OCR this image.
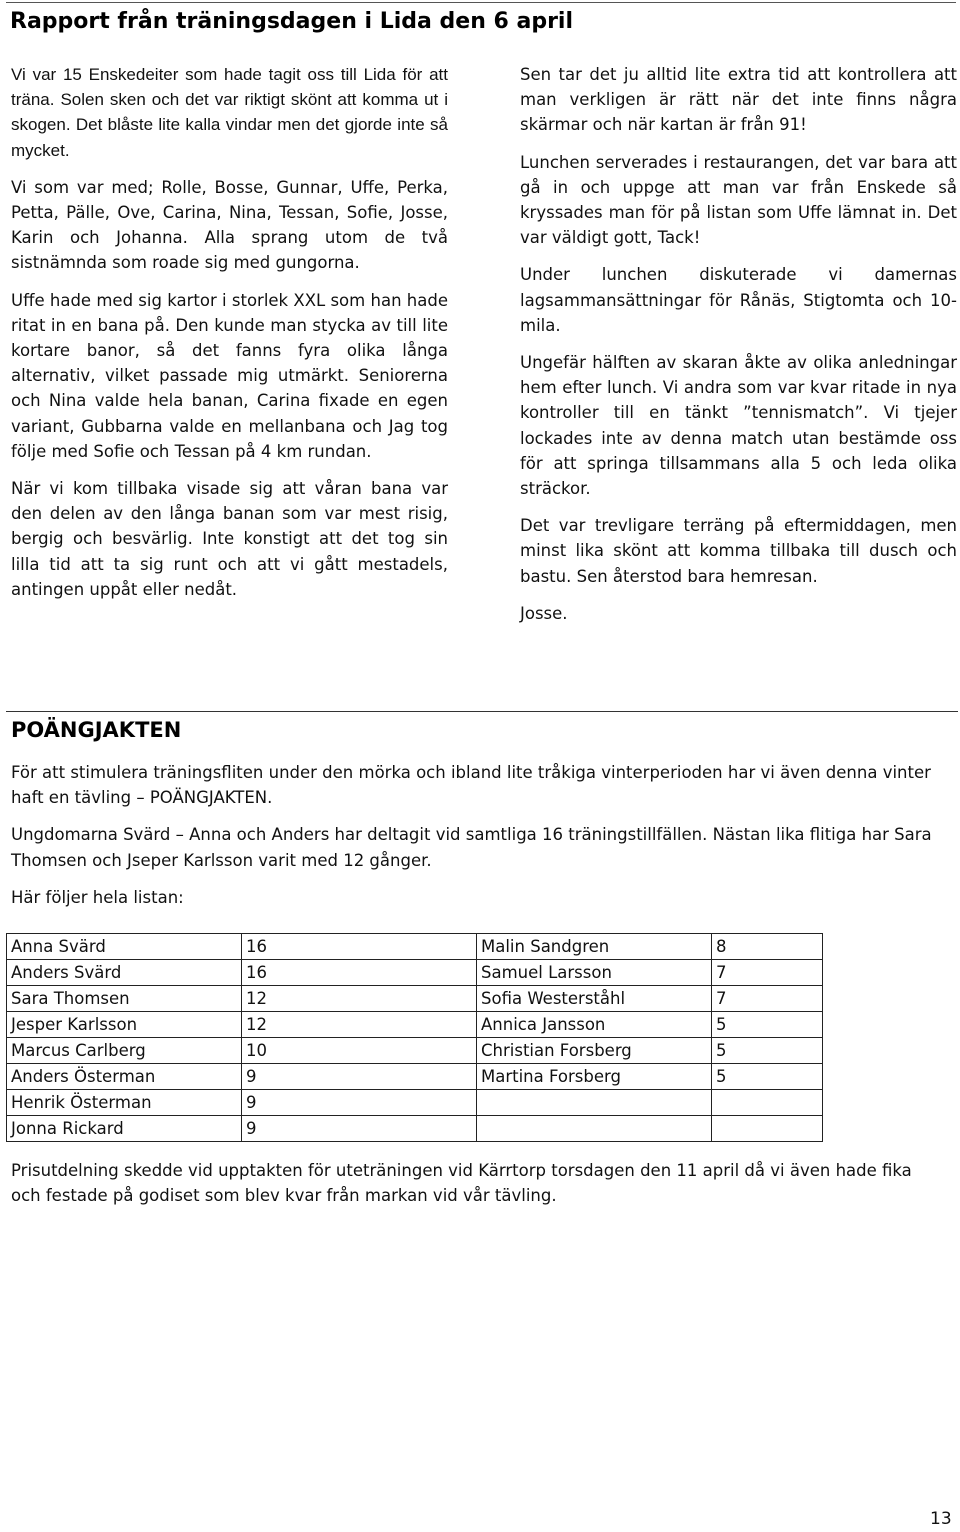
Rapport från träningsdagen i Lida den 6 april

Vi var 15 Enskedeiter som hade tagit oss till Lida för att träna. Solen sken och det var riktigt skönt att komma ut i skogen. Det blåste lite kalla vindar men det gjorde inte så mycket.

Vi som var med; Rolle, Bosse, Gunnar, Uffe, Perka, Petta, Pälle, Ove, Carina, Nina, Tessan, Sofie, Josse, Karin och Johanna. Alla sprang utom de två sistnämnda som roade sig med gungorna.

Uffe hade med sig kartor i storlek XXL som han hade ritat in en bana på. Den kunde man stycka av till lite kortare banor, så det fanns fyra olika långa alternativ, vilket passade mig utmärkt. Seniorerna och Nina valde hela banan, Carina fixade en egen variant, Gubbarna valde en mellanbana och Jag tog följe med Sofie och Tessan på 4 km rundan.

När vi kom tillbaka visade sig att våran bana var den delen av den långa banan som var mest risig, bergig och besvärlig. Inte konstigt att det tog sin lilla tid att ta sig runt och att vi gått mestadels, antingen uppåt eller nedåt.

Sen tar det ju alltid lite extra tid att kontrollera att man verkligen är rätt när det inte finns några skärmar och när kartan är från 91!

Lunchen serverades i restaurangen, det var bara att gå in och uppge att man var från Enskede så kryssades man för på listan som Uffe lämnat in. Det var väldigt gott, Tack!

Under lunchen diskuterade vi damernas lagsammansättningar för Rånäs, Stigtomta och 10-mila.

Ungefär hälften av skaran åkte av olika anledningar hem efter lunch. Vi andra som var kvar ritade in nya kontroller till en tänkt ”tennismatch”. Vi tjejer lockades inte av denna match utan bestämde oss för att springa tillsammans alla 5 och leda olika sträckor.

Det var trevligare terräng på eftermiddagen, men minst lika skönt att komma tillbaka till dusch och bastu. Sen återstod bara hemresan.

Josse.

POÄNGJAKTEN

För att stimulera träningsfliten under den mörka och ibland lite tråkiga vinterperioden har vi även denna vinter haft en tävling – POÄNGJAKTEN.

Ungdomarna Svärd – Anna och Anders har deltagit vid samtliga 16 träningstillfällen. Nästan lika flitiga har Sara Thomsen och Jseper Karlsson varit med 12 gånger.

Här följer hela listan:

Anna Svärd	16	Malin Sandgren	8
Anders Svärd	16	Samuel Larsson	7
Sara Thomsen	12	Sofia Westerståhl	7
Jesper Karlsson	12	Annica Jansson	5
Marcus Carlberg	10	Christian Forsberg	5
Anders Österman	9	Martina Forsberg	5
Henrik Österman	9		
Jonna Rickard	9		

Prisutdelning skedde vid upptakten för uteträningen vid Kärrtorp torsdagen den 11 april då vi även hade fika och festade på godiset som blev kvar från markan vid vår tävling.

13
